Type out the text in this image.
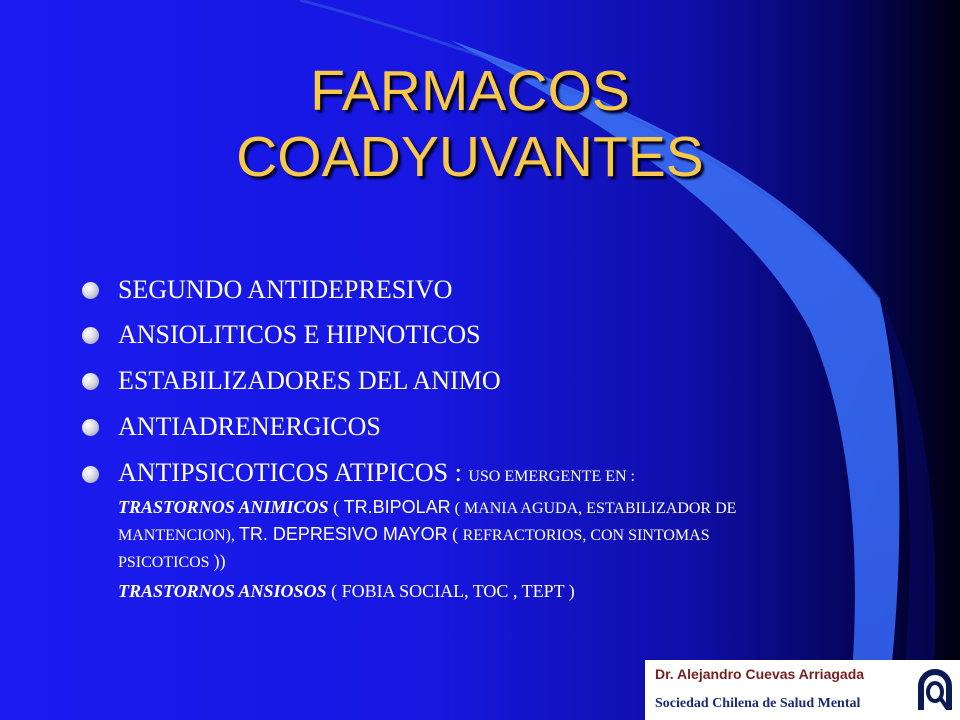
FARMACOS
COADYUVANTES
SEGUNDO ANTIDEPRESIVO
ANSIOLITICOS E HIPNOTICOS
ESTABILIZADORES DEL ANIMO
ANTIADRENERGICOS
ANTIPSICOTICOS ATIPICOS : USO EMERGENTE EN :
TRASTORNOS ANIMICOS ( TR.BIPOLAR ( MANIA AGUDA, ESTABILIZADOR DE
MANTENCION), TR. DEPRESIVO MAYOR ( REFRACTORIOS, CON SINTOMAS
PSICOTICOS ))
TRASTORNOS ANSIOSOS ( FOBIA SOCIAL, TOC , TEPT )
Dr. Alejandro Cuevas Arriagada
Sociedad Chilena de Salud Mental
